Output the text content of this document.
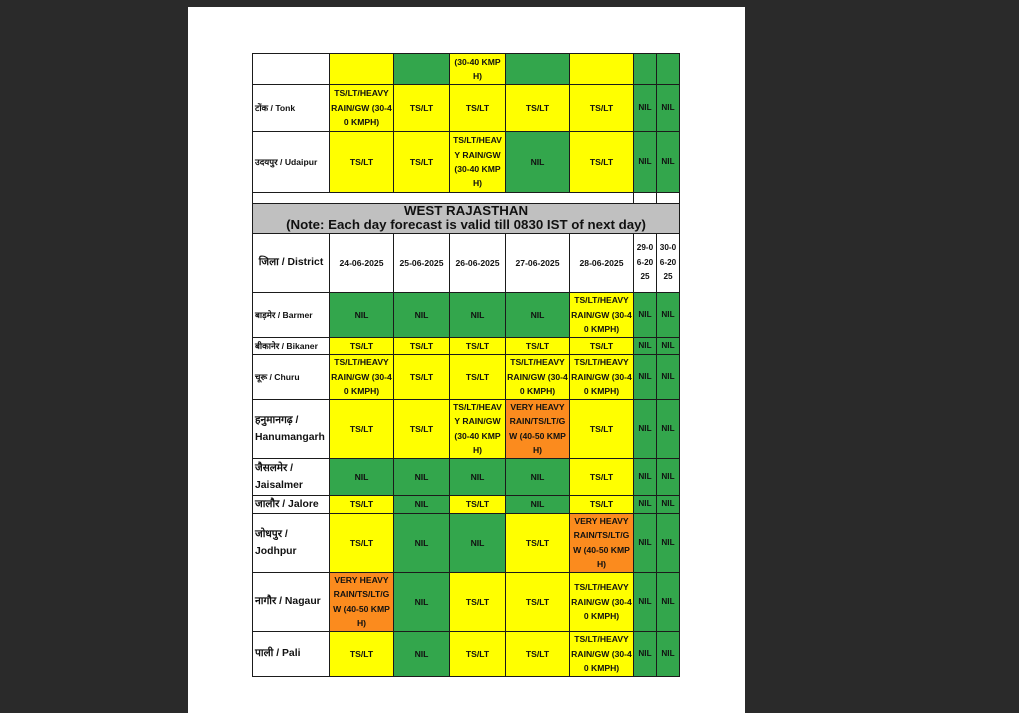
			(30-40 KMPH)				
टोंक / Tonk	TS/LT/HEAVY RAIN/GW (30-40 KMPH)	TS/LT	TS/LT	TS/LT	TS/LT	NIL	NIL
उदयपुर / Udaipur	TS/LT	TS/LT	TS/LT/HEAVY RAIN/GW (30-40 KMPH)	NIL	TS/LT	NIL	NIL

WEST RAJASTHAN
(Note: Each day forecast is valid till 0830 IST of next day)							

जिला / District	24-06-2025	25-06-2025	26-06-2025	27-06-2025	28-06-2025	29-06-2025	30-06-2025
बाड़मेर / Barmer	NIL	NIL	NIL	NIL	TS/LT/HEAVY RAIN/GW (30-40 KMPH)	NIL	NIL
बीकानेर / Bikaner	TS/LT	TS/LT	TS/LT	TS/LT	TS/LT	NIL	NIL
चूरू / Churu	TS/LT/HEAVY RAIN/GW (30-40 KMPH)	TS/LT	TS/LT	TS/LT/HEAVY RAIN/GW (30-40 KMPH)	TS/LT/HEAVY RAIN/GW (30-40 KMPH)	NIL	NIL
हनुमानगढ़ / Hanumangarh	TS/LT	TS/LT	TS/LT/HEAVY RAIN/GW (30-40 KMPH)	VERY HEAVY RAIN/TS/LT/GW (40-50 KMPH)	TS/LT	NIL	NIL
जैसलमेर / Jaisalmer	NIL	NIL	NIL	NIL	TS/LT	NIL	NIL
जालौर / Jalore	TS/LT	NIL	TS/LT	NIL	TS/LT	NIL	NIL
जोधपुर / Jodhpur	TS/LT	NIL	NIL	TS/LT	VERY HEAVY RAIN/TS/LT/GW (40-50 KMPH)	NIL	NIL
नागौर / Nagaur	VERY HEAVY RAIN/TS/LT/GW (40-50 KMPH)	NIL	TS/LT	TS/LT	TS/LT/HEAVY RAIN/GW (30-40 KMPH)	NIL	NIL
पाली / Pali	TS/LT	NIL	TS/LT	TS/LT	TS/LT/HEAVY RAIN/GW (30-40 KMPH)	NIL	NIL
